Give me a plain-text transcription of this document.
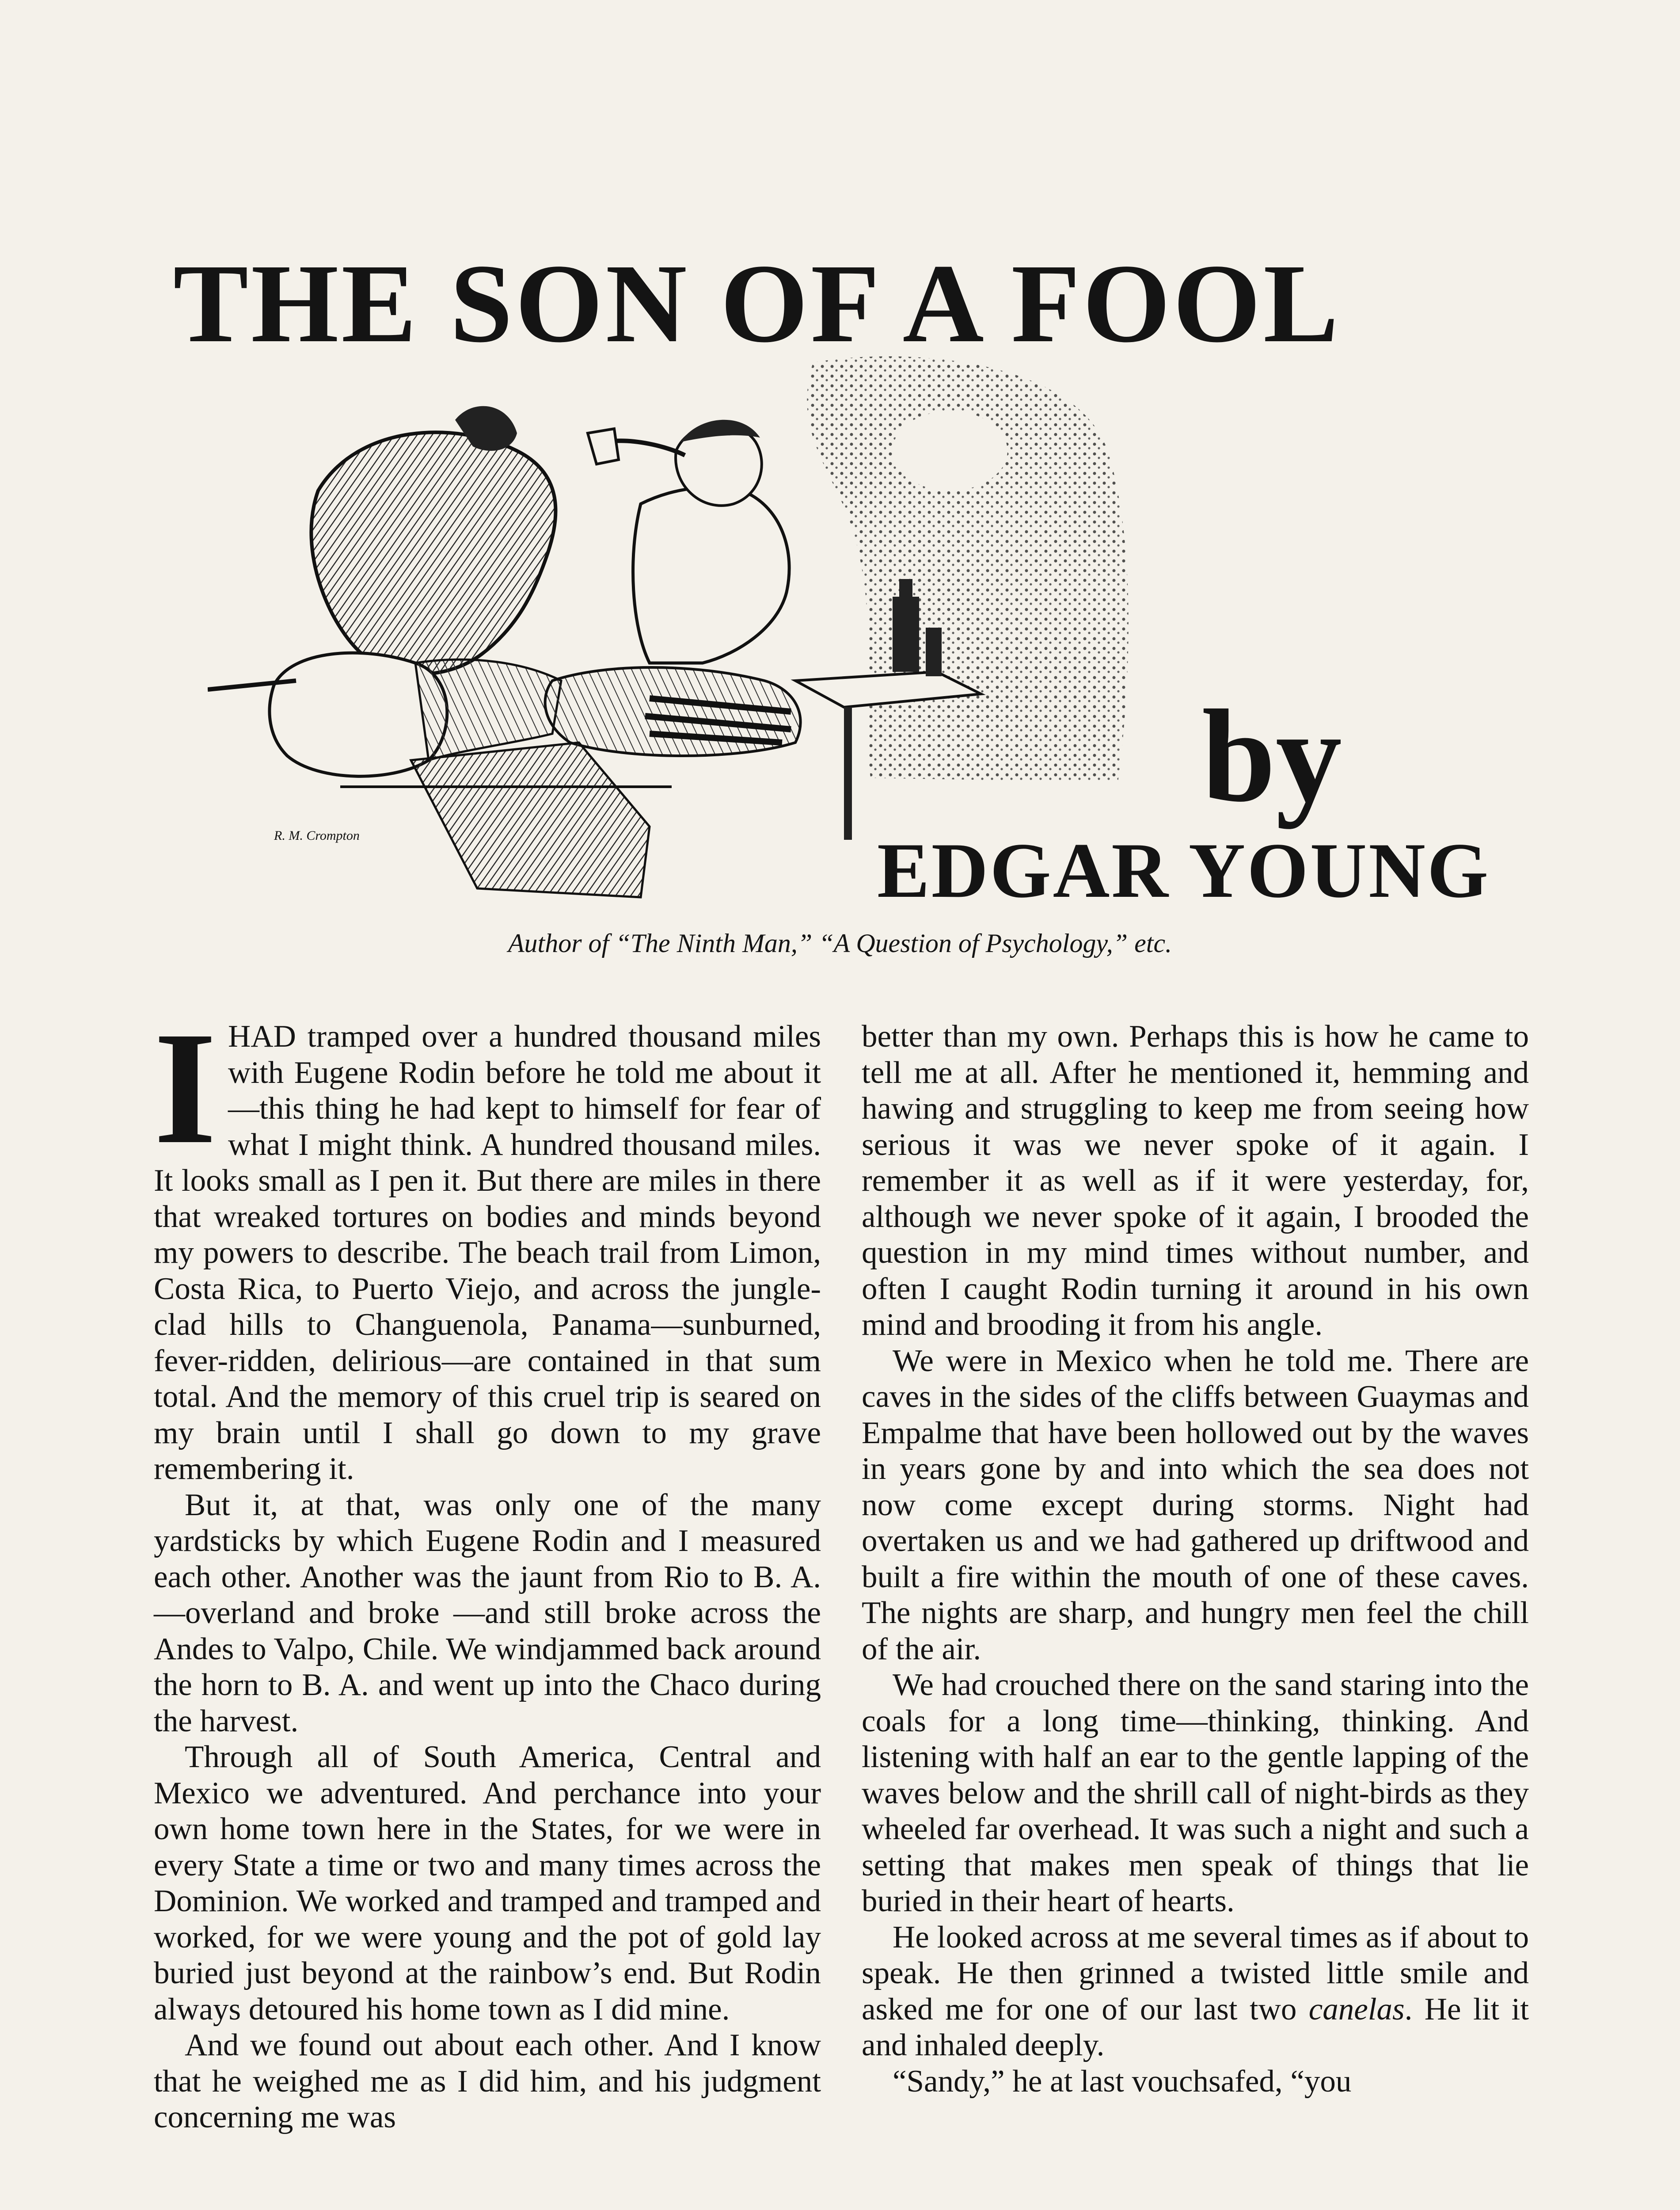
THE SON OF A FOOL
R. M. Crompton
by
EDGAR YOUNG
Author of “The Ninth Man,” “A Question of Psychology,” etc.

IHAD tramped over a hundred thousand miles with Eugene Rodin before he told me about it—this thing he had kept to himself for fear of what I might think. A hundred thousand miles. It looks small as I pen it. But there are miles in there that wreaked tortures on bodies and minds beyond my powers to describe. The beach trail from Limon, Costa Rica, to Puerto Viejo, and across the jungle-clad hills to Changuenola, Panama—sunburned, fever-ridden, delirious—are contained in that sum total. And the memory of this cruel trip is seared on my brain until I shall go down to my grave remembering it.

But it, at that, was only one of the many yardsticks by which Eugene Rodin and I measured each other. Another was the jaunt from Rio to B. A.—overland and broke —and still broke across the Andes to Valpo, Chile. We windjammed back around the horn to B. A. and went up into the Chaco during the harvest.

Through all of South America, Central and Mexico we adventured. And perchance into your own home town here in the States, for we were in every State a time or two and many times across the Dominion. We worked and tramped and tramped and worked, for we were young and the pot of gold lay buried just beyond at the rainbow’s end. But Rodin always detoured his home town as I did mine.

And we found out about each other. And I know that he weighed me as I did him, and his judgment concerning me was

better than my own. Perhaps this is how he came to tell me at all. After he mentioned it, hemming and hawing and struggling to keep me from seeing how serious it was we never spoke of it again. I remember it as well as if it were yesterday, for, although we never spoke of it again, I brooded the question in my mind times without number, and often I caught Rodin turning it around in his own mind and brooding it from his angle.

We were in Mexico when he told me. There are caves in the sides of the cliffs between Guaymas and Empalme that have been hollowed out by the waves in years gone by and into which the sea does not now come except during storms. Night had overtaken us and we had gathered up driftwood and built a fire within the mouth of one of these caves. The nights are sharp, and hungry men feel the chill of the air.

We had crouched there on the sand staring into the coals for a long time—thinking, thinking. And listening with half an ear to the gentle lapping of the waves below and the shrill call of night-birds as they wheeled far overhead. It was such a night and such a setting that makes men speak of things that lie buried in their heart of hearts.

He looked across at me several times as if about to speak. He then grinned a twisted little smile and asked me for one of our last two canelas. He lit it and inhaled deeply.

“Sandy,” he at last vouchsafed, “you
